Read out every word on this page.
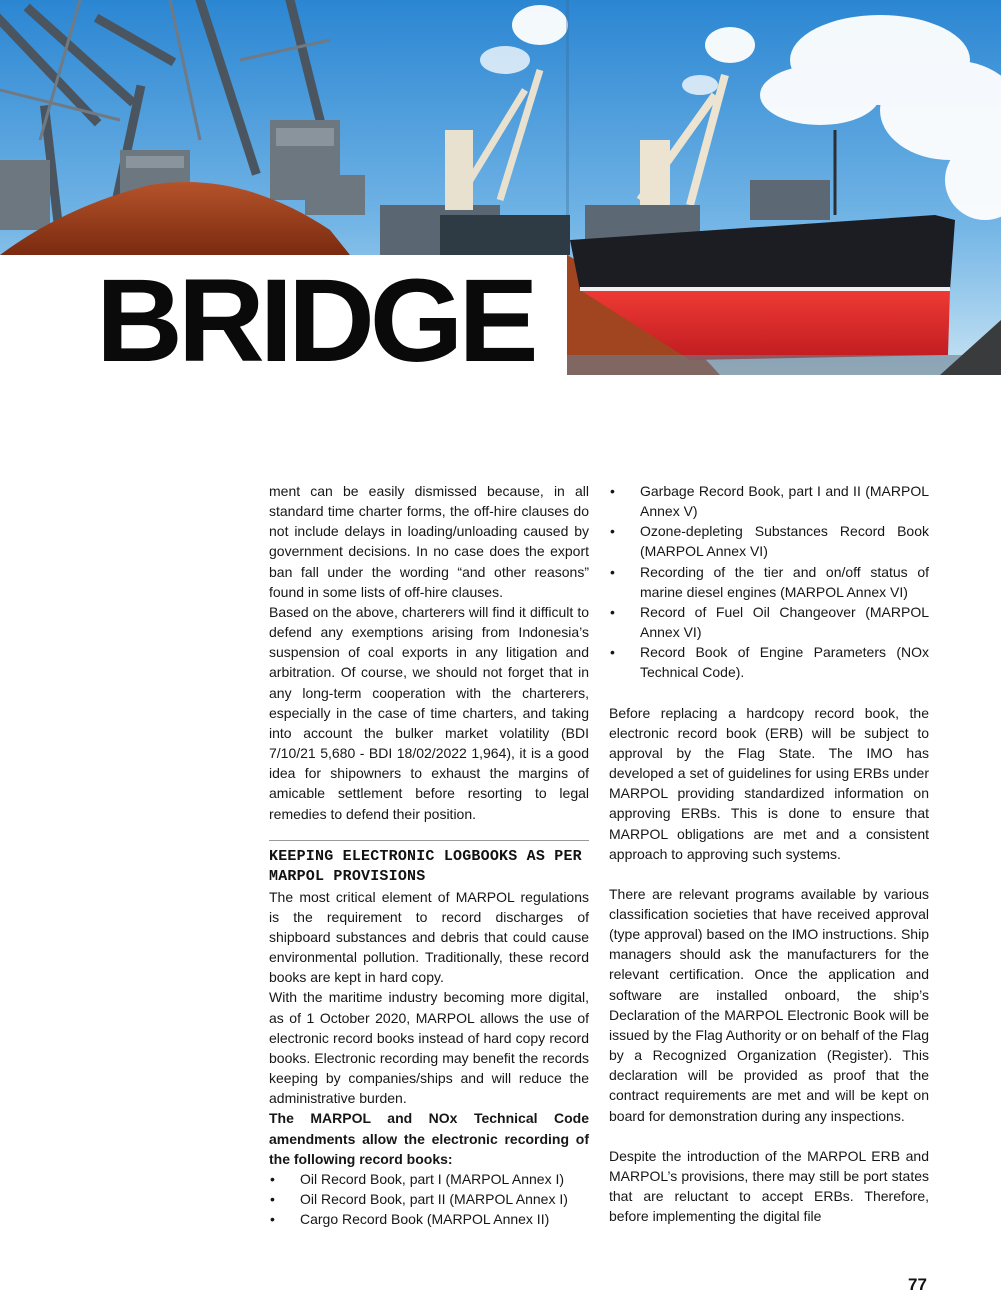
BRIDGE

ment can be easily dismissed because, in all standard time charter forms, the off-hire clauses do not include delays in loading/unloading caused by government decisions. In no case does the export ban fall under the wording “and other reasons” found in some lists of off-hire clauses.

Based on the above, charterers will find it difficult to defend any exemptions arising from Indonesia’s suspension of coal exports in any litigation and arbitration. Of course, we should not forget that in any long-term cooperation with the charterers, especially in the case of time charters, and taking into account the bulker market volatility (BDI 7/10/21 5,680 - BDI 18/02/2022 1,964), it is a good idea for shipowners to exhaust the margins of amicable settlement before resorting to legal remedies to defend their position.

KEEPING ELECTRONIC LOGBOOKS AS PER MARPOL PROVISIONS

The most critical element of MARPOL regulations is the requirement to record discharges of shipboard substances and debris that could cause environmental pollution. Traditionally, these record books are kept in hard copy.

With the maritime industry becoming more digital, as of 1 October 2020, MARPOL allows the use of electronic record books instead of hard copy record books. Electronic recording may benefit the records keeping by companies/ships and will reduce the administrative burden.

The MARPOL and NOx Technical Code amendments allow the electronic recording of the following record books:

• Oil Record Book, part I (MARPOL Annex I)
• Oil Record Book, part II (MARPOL Annex I)
• Cargo Record Book (MARPOL Annex II)
• Garbage Record Book, part I and II (MARPOL Annex V)
• Ozone-depleting Substances Record Book (MARPOL Annex VI)
• Recording of the tier and on/off status of marine diesel engines (MARPOL Annex VI)
• Record of Fuel Oil Changeover (MARPOL Annex VI)
• Record Book of Engine Parameters (NOx Technical Code).

Before replacing a hardcopy record book, the electronic record book (ERB) will be subject to approval by the Flag State. The IMO has developed a set of guidelines for using ERBs under MARPOL providing standardized information on approving ERBs. This is done to ensure that MARPOL obligations are met and a consistent approach to approving such systems.

There are relevant programs available by various classification societies that have received approval (type approval) based on the IMO instructions. Ship managers should ask the manufacturers for the relevant certification. Once the application and software are installed onboard, the ship’s Declaration of the MARPOL Electronic Book will be issued by the Flag Authority or on behalf of the Flag by a Recognized Organization (Register). This declaration will be provided as proof that the contract requirements are met and will be kept on board for demonstration during any inspections.

Despite the introduction of the MARPOL ERB and MARPOL’s provisions, there may still be port states that are reluctant to accept ERBs. Therefore, before implementing the digital file

77
